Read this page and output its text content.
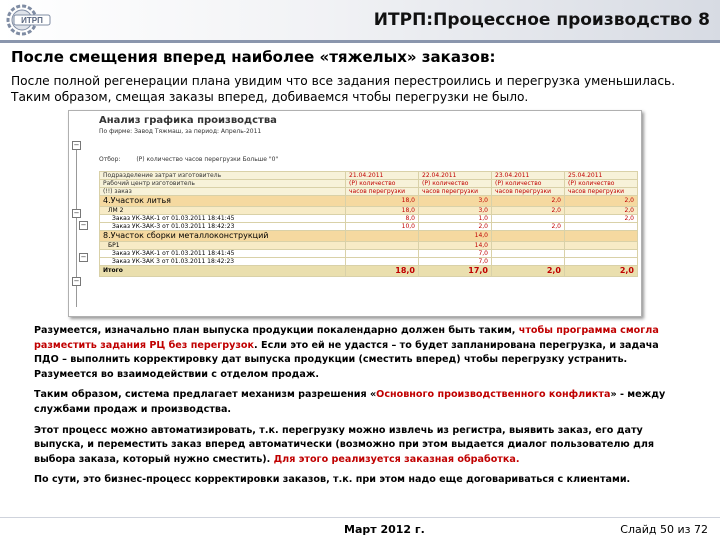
ИТРП	ИТРП:Процессное производство 8
После смещения вперед наиболее «тяжелых» заказов:

После полной регенерации плана увидим что все задания перестроились и перегрузка уменьшилась.

Таким образом, смещая заказы вперед, добиваемся чтобы перегрузки не было.

−
−
−
−
−
Анализ графика производства
По фирме: Завод Тяжмаш, за период: Апрель-2011
Отбор:	(Р) количество часов перегрузки Больше "0"
Подразделение затрат изготовитель	21.04.2011	22.04.2011	23.04.2011	25.04.2011
Рабочий центр изготовитель	(Р) количество	(Р) количество	(Р) количество	(Р) количество
(!!) заказ	часов перегрузки	часов перегрузки	часов перегрузки	часов перегрузки
4.Участок литья	18,0	3,0	2,0	2,0
ЛМ 2	18,0	3,0	2,0	2,0
Заказ УК-ЗАК-1 от 01.03.2011 18:41:45	8,0	1,0		2,0
Заказ УК-ЗАК-3 от 01.03.2011 18:42:23	10,0	2,0	2,0	
8.Участок сборки металлоконструкций		14,0		
БР1		14,0		
Заказ УК-ЗАК-1 от 01.03.2011 18:41:45		7,0		
Заказ УК-ЗАК 3 от 01.03.2011 18:42:23		7,0		
Итого	18,0	17,0	2,0	2,0

Разумеется, изначально план выпуска продукции покалендарно должен быть таким, чтобы программа смогла разместить задания РЦ без перегрузок. Если это ей не удастся – то будет запланирована перегрузка, и задача ПДО – выполнить корректировку дат выпуска продукции (сместить вперед) чтобы перегрузку устранить. Разумеется во взаимодействии с отделом продаж.

Таким образом, система предлагает механизм разрешения «Основного производственного конфликта» - между службами продаж и производства.

Этот процесс можно автоматизировать, т.к. перегрузку можно извлечь из регистра, выявить заказ, его дату выпуска, и переместить заказ вперед автоматически (возможно при этом выдается диалог пользователю для выбора заказа, который нужно сместить). Для этого реализуется заказная обработка.

По сути, это бизнес-процесс корректировки заказов, т.к. при этом надо еще договариваться с клиентами.

Март 2012 г.	Слайд 50 из 72
